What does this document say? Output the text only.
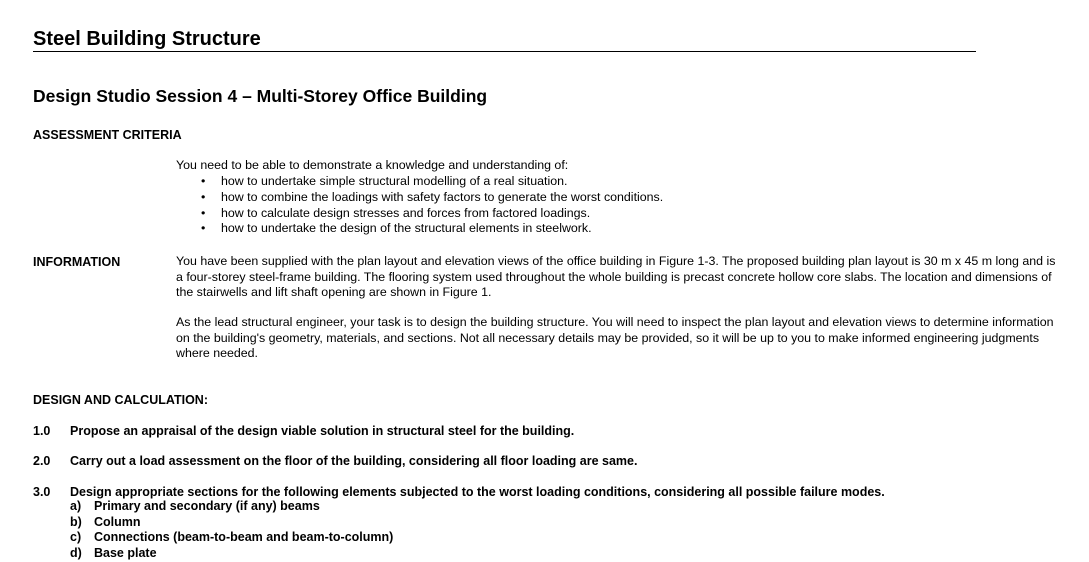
Steel Building Structure
Design Studio Session 4 – Multi-Storey Office Building
ASSESSMENT CRITERIA
You need to be able to demonstrate a knowledge and understanding of:
• how to undertake simple structural modelling of a real situation.
• how to combine the loadings with safety factors to generate the worst conditions.
• how to calculate design stresses and forces from factored loadings.
• how to undertake the design of the structural elements in steelwork.
INFORMATION	You have been supplied with the plan layout and elevation views of the office building in Figure 1-3. The proposed building plan layout is 30 m x 45 m long and is a four-storey steel-frame building. The flooring system used throughout the whole building is precast concrete hollow core slabs. The location and dimensions of the stairwells and lift shaft opening are shown in Figure 1.
As the lead structural engineer, your task is to design the building structure. You will need to inspect the plan layout and elevation views to determine information on the building's geometry, materials, and sections. Not all necessary details may be provided, so it will be up to you to make informed engineering judgments where needed.
DESIGN AND CALCULATION:
1.0 Propose an appraisal of the design viable solution in structural steel for the building.
2.0 Carry out a load assessment on the floor of the building, considering all floor loading are same.
3.0 Design appropriate sections for the following elements subjected to the worst loading conditions, considering all possible failure modes.
a) Primary and secondary (if any) beams
b) Column
c) Connections (beam-to-beam and beam-to-column)
d) Base plate
